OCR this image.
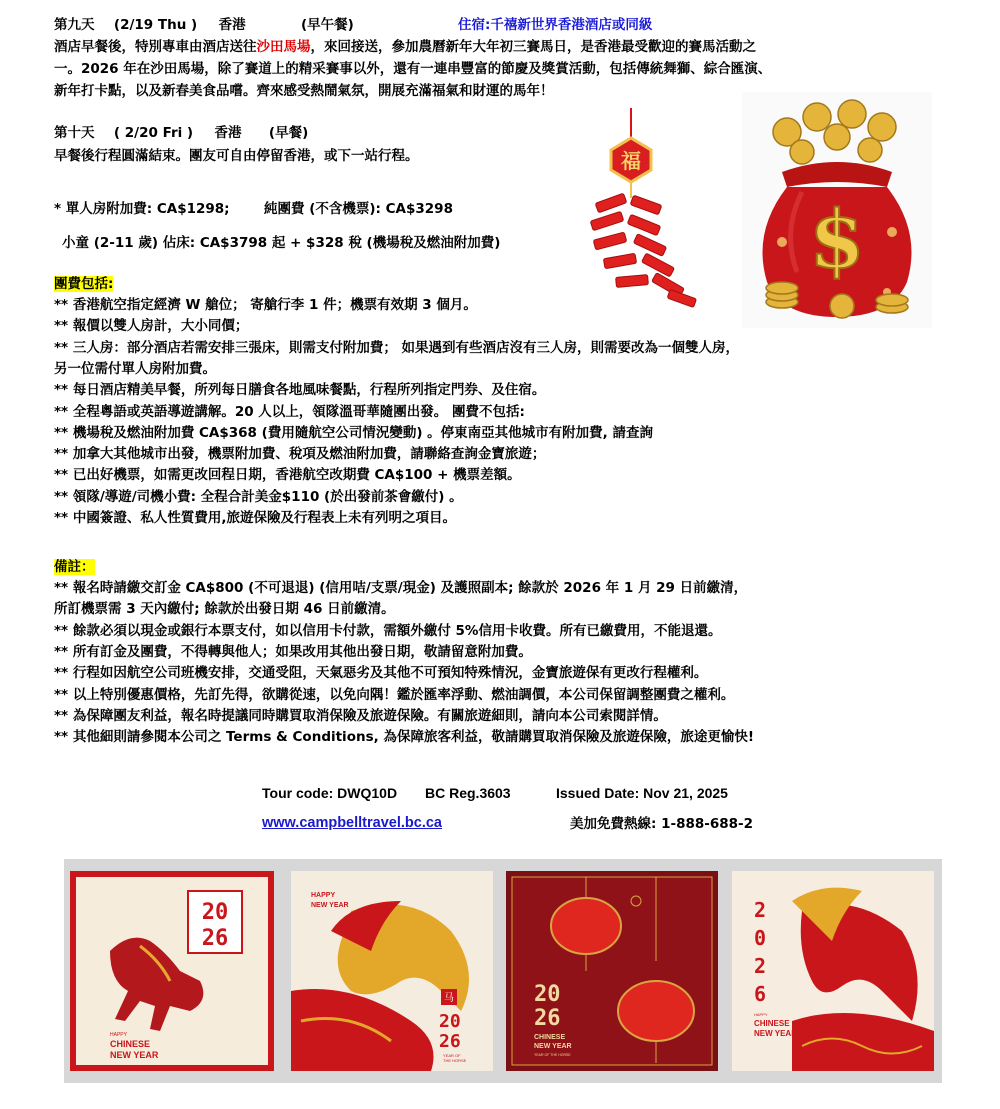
第九天 (2/19 Thu ) 香港	(早午餐)	住宿:千禧新世界香港酒店或同級
酒店早餐後，特別專車由酒店送往沙田馬場，來回接送，參加農曆新年大年初三賽馬日，是香港最受歡迎的賽馬活動之
一。2026 年在沙田馬場，除了賽道上的精采賽事以外，還有一連串豐富的節慶及獎賞活動，包括傳統舞獅、綜合匯演、
新年打卡點，以及新春美食品嚐。齊來感受熱鬧氣氛，開展充滿福氣和財運的馬年！
第十天 ( 2/20 Fri ) 香港 (早餐)
早餐後行程圓滿結束。團友可自由停留香港，或下一站行程。
* 單人房附加費: CA$1298;	純團費 (不含機票): CA$3298
小童 (2-11 歲) 佔床: CA$3798 起 + $328 稅 (機場稅及燃油附加費)
福
$
團費包括:
** 香港航空指定經濟 W 艙位； 寄艙行李 1 件；機票有效期 3 個月。
** 報價以雙人房計，大小同價；
** 三人房：部分酒店若需安排三張床，則需支付附加費； 如果遇到有些酒店沒有三人房，則需要改為一個雙人房，
另一位需付單人房附加費。
** 每日酒店精美早餐，所列每日膳食各地風味餐點，行程所列指定門券、及住宿。
** 全程粵語或英語導遊講解。20 人以上，領隊溫哥華隨團出發。 團費不包括:
** 機場稅及燃油附加費 CA$368 (費用隨航空公司情況變動) 。停東南亞其他城市有附加費, 請查詢
** 加拿大其他城市出發，機票附加費、稅項及燃油附加費，請聯絡查詢金寶旅遊；
** 已出好機票，如需更改回程日期，香港航空改期費 CA$100 + 機票差額。
** 領隊/導遊/司機小費: 全程合計美金$110 (於出發前茶會繳付) 。
** 中國簽證、私人性質費用,旅遊保險及行程表上未有列明之項目。
備註：
** 報名時請繳交訂金 CA$800 (不可退退) (信用咭/支票/現金) 及護照副本; 餘款於 2026 年 1 月 29 日前繳清，
所訂機票需 3 天內繳付; 餘款於出發日期 46 日前繳清。
** 餘款必須以現金或銀行本票支付，如以信用卡付款，需額外繳付 5%信用卡收費。所有已繳費用，不能退還。
** 所有訂金及團費，不得轉與他人；如果改用其他出發日期，敬請留意附加費。
** 行程如因航空公司班機安排，交通受阻，天氣惡劣及其他不可預知特殊情況，金寶旅遊保有更改行程權利。
** 以上特別優惠價格，先訂先得，欲購從速，以免向隅！鑑於匯率浮動、燃油調價，本公司保留調整團費之權利。
** 為保障團友利益，報名時提議同時購買取消保險及旅遊保險。有關旅遊細則，請向本公司索閱詳情。
** 其他細則請參閱本公司之 Terms & Conditions, 為保障旅客利益，敬請購買取消保險及旅遊保險，旅途更愉快!
Tour code: DWQ10D BC Reg.3603	Issued Date: Nov 21, 2025
www.campbelltravel.bc.ca	美加免費熱線: 1-888-688-2
20
26
HAPPY
CHINESE
NEW YEAR
HAPPY
NEW YEAR
马
20
26
YEAR OF
THE HORSE
20
26
CHINESE
NEW YEAR
YEAR OF THE HORSE
2
0
2
6
HAPPY
CHINESE
NEW YEAR
